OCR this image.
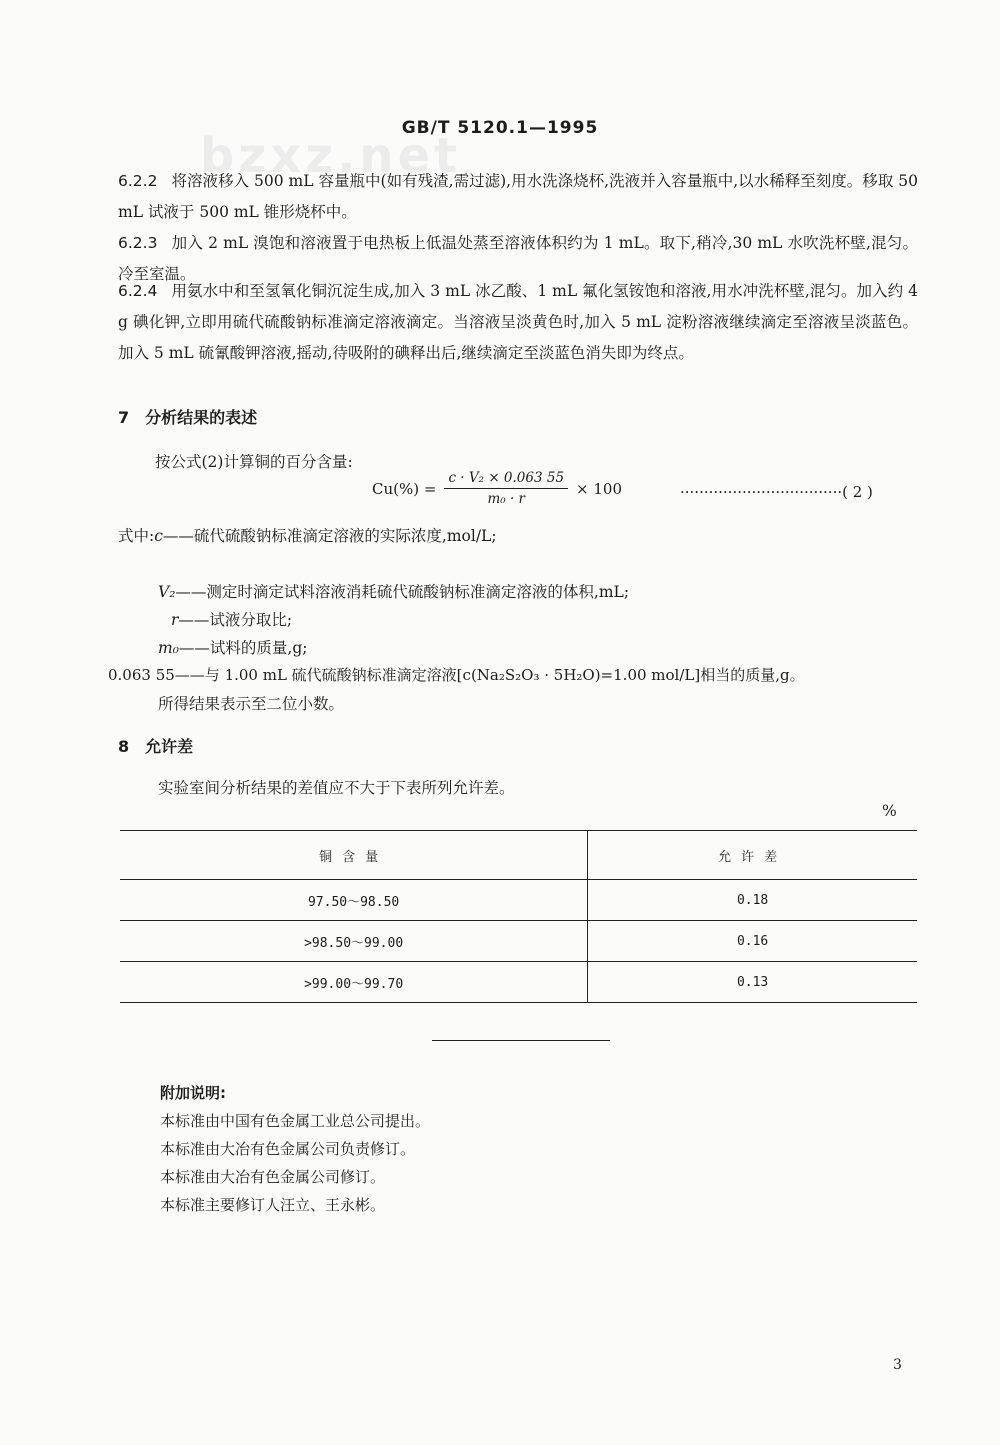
bzxz.net
GB/T 5120.1—1995
6.2.2 将溶液移入 500 mL 容量瓶中(如有残渣,需过滤),用水洗涤烧杯,洗液并入容量瓶中,以水稀释至刻度。移取 50 mL 试液于 500 mL 锥形烧杯中。
6.2.3 加入 2 mL 溴饱和溶液置于电热板上低温处蒸至溶液体积约为 1 mL。取下,稍冷,30 mL 水吹洗杯壁,混匀。冷至室温。
6.2.4 用氨水中和至氢氧化铜沉淀生成,加入 3 mL 冰乙酸、1 mL 氟化氢铵饱和溶液,用水冲洗杯壁,混匀。加入约 4 g 碘化钾,立即用硫代硫酸钠标准滴定溶液滴定。当溶液呈淡黄色时,加入 5 mL 淀粉溶液继续滴定至溶液呈淡蓝色。加入 5 mL 硫氰酸钾溶液,摇动,待吸附的碘释出后,继续滴定至淡蓝色消失即为终点。
7 分析结果的表述
按公式(2)计算铜的百分含量:
$Cu(\%) = \frac{\text{c · V₂ × 0.063 55}}{\text{m₀ · r}} \times 100$	··································( 2 )
式中:c——硫代硫酸钠标准滴定溶液的实际浓度,mol/L;
V₂——测定时滴定试料溶液消耗硫代硫酸钠标准滴定溶液的体积,mL;
r——试液分取比;
m₀——试料的质量,g;
0.063 55——与 1.00 mL 硫代硫酸钠标准滴定溶液[c(Na₂S₂O₃ · 5H₂O)=1.00 mol/L]相当的质量,g。
所得结果表示至二位小数。
8 允许差
实验室间分析结果的差值应不大于下表所列允许差。
%
铜含量	允许差
97.50～98.50	0.18
>98.50～99.00	0.16
>99.00～99.70	0.13
附加说明:
本标准由中国有色金属工业总公司提出。
本标准由大冶有色金属公司负责修订。
本标准由大冶有色金属公司修订。
本标准主要修订人汪立、王永彬。
3
